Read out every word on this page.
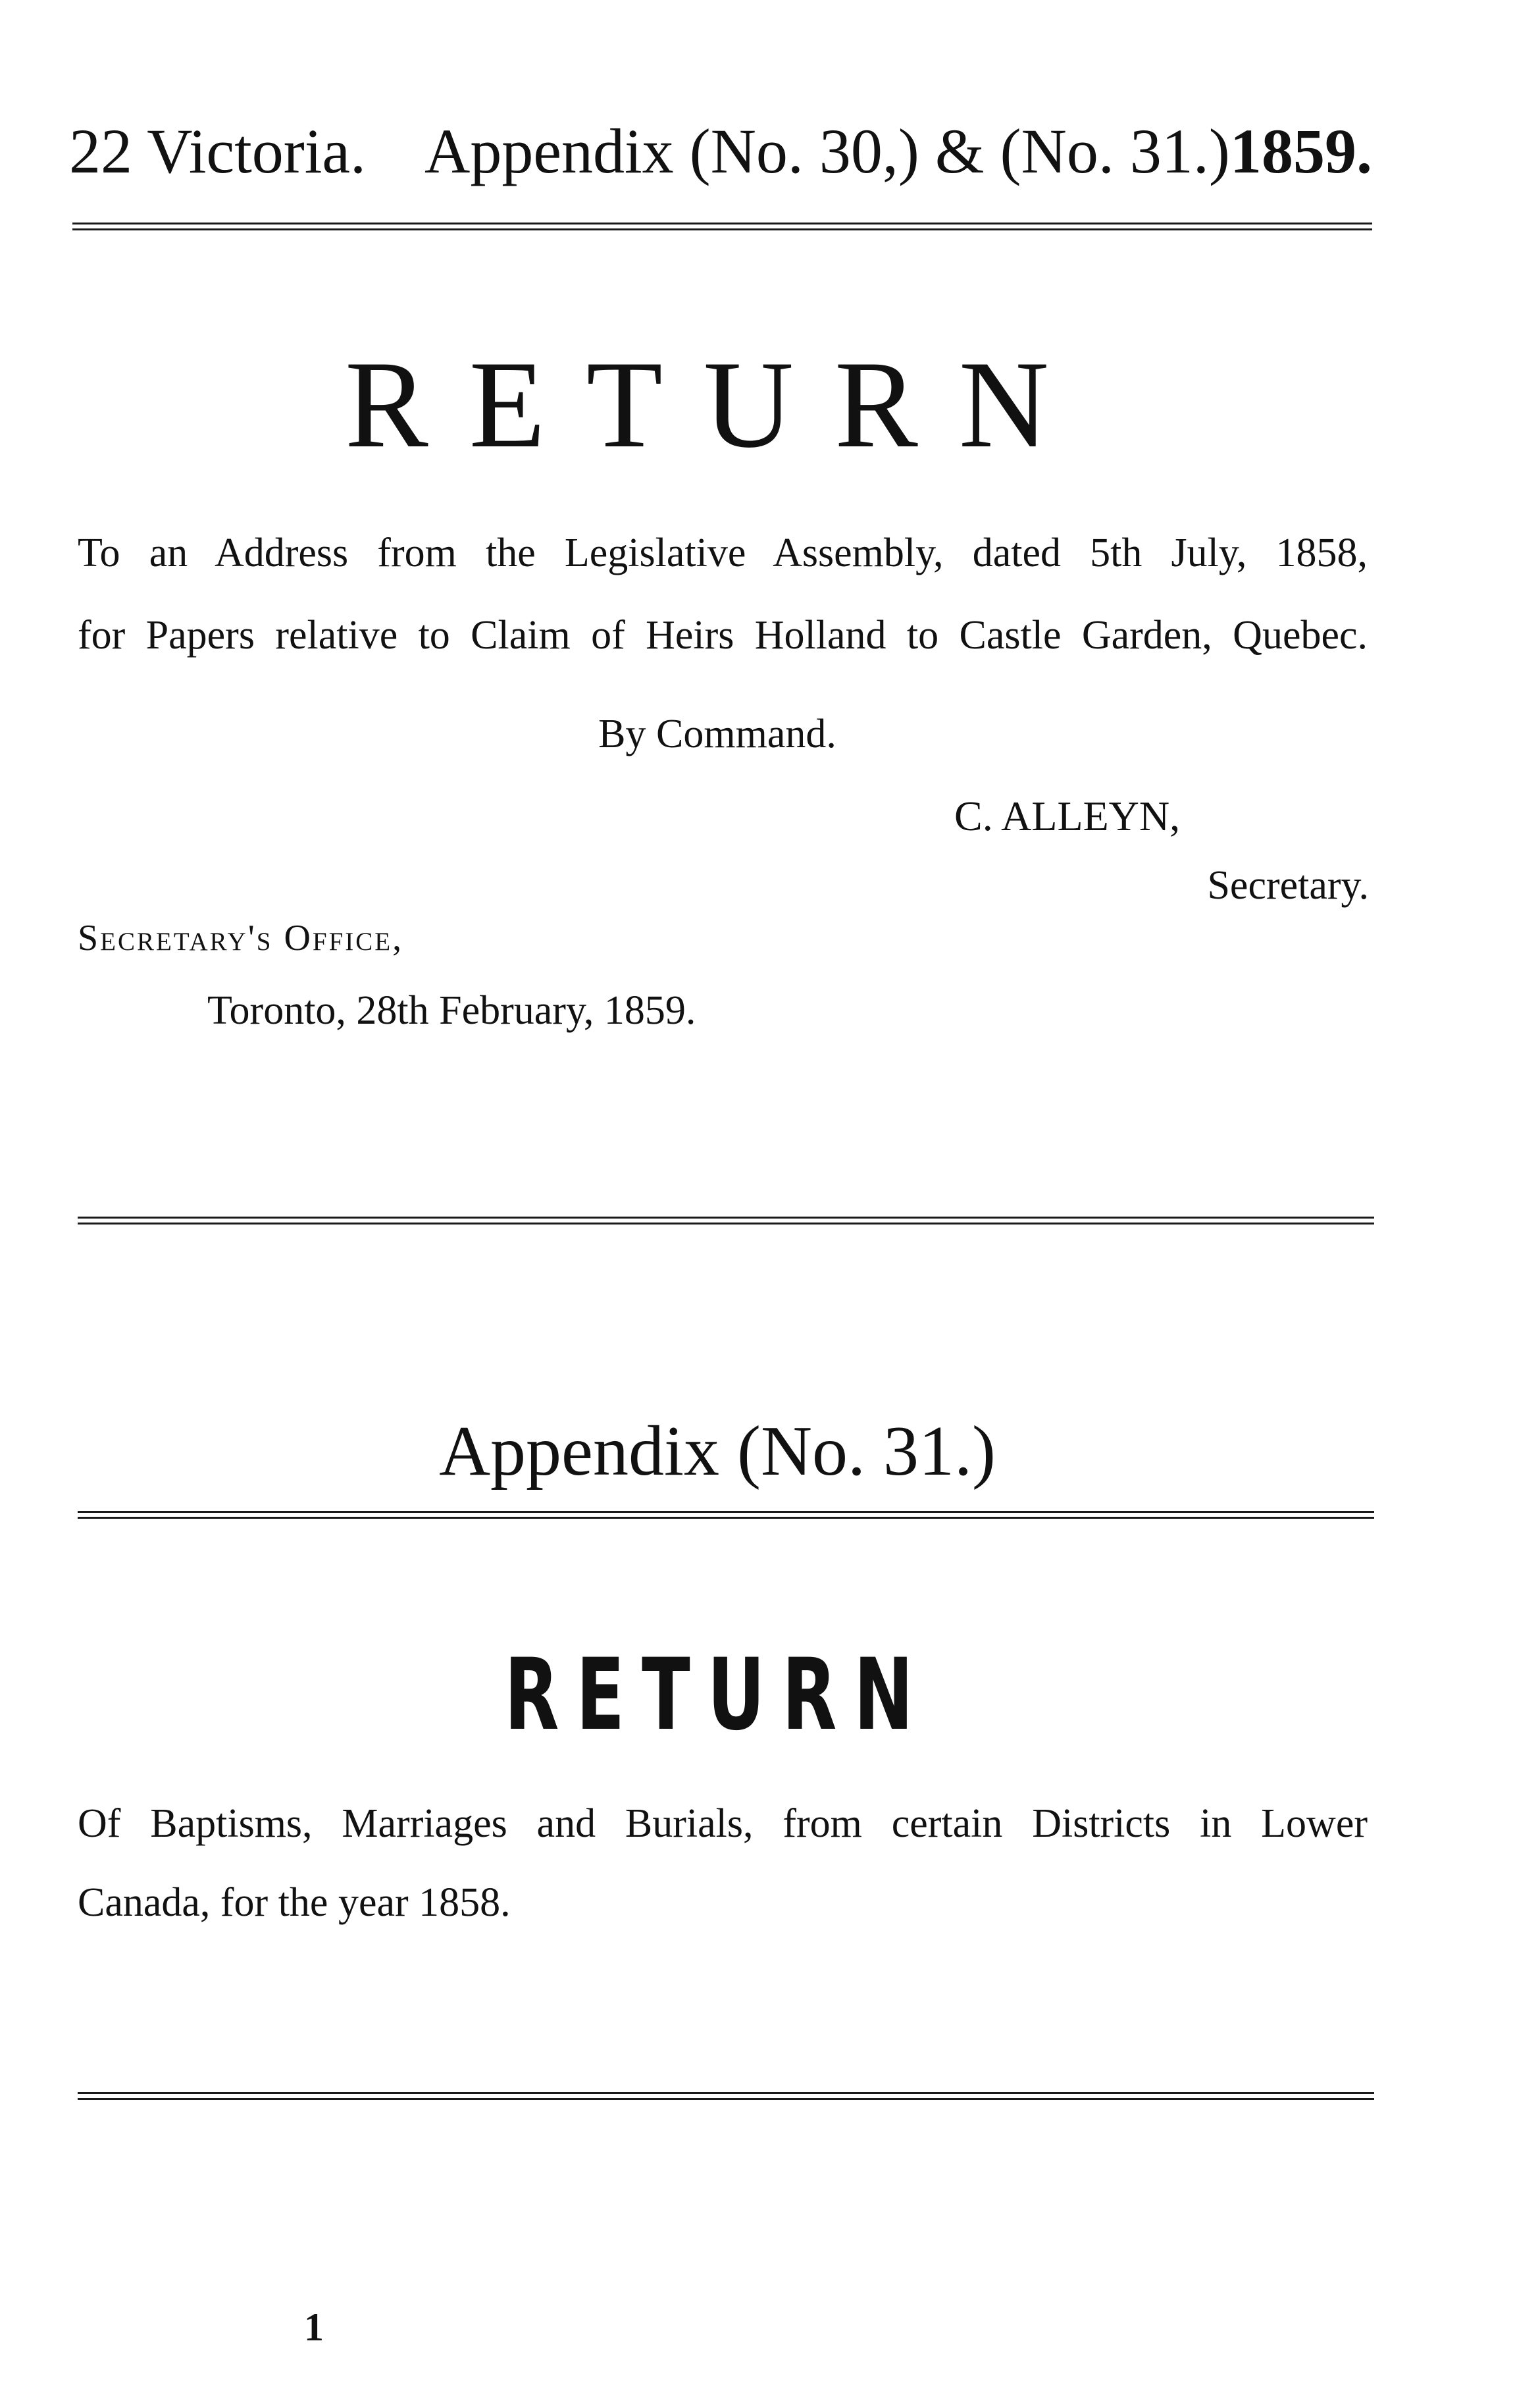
22 Victoria. Appendix (No. 30,) & (No. 31.) 1859.
RETURN
To an Address from the Legislative Assembly, dated 5th July, 1858,
for Papers relative to Claim of Heirs Holland to Castle Garden, Quebec.
By Command.
C. ALLEYN,
Secretary.
Secretary's Office,
Toronto, 28th February, 1859.
Appendix (No. 31.)
RETURN
Of Baptisms, Marriages and Burials, from certain Districts in Lower
Canada, for the year 1858.
1
